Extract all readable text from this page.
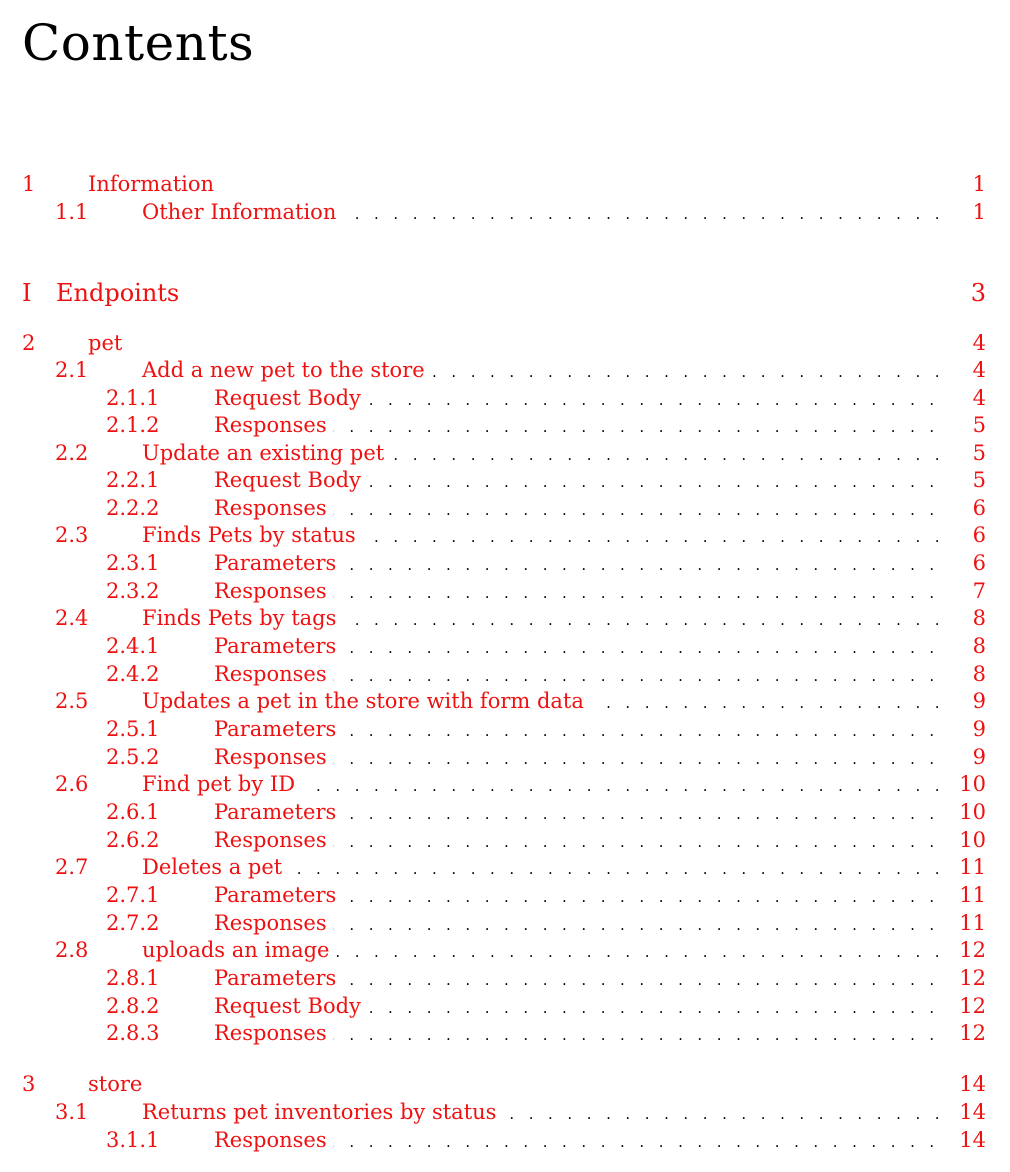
Contents
1	Information	1
1.1 . . .	Other Information	1
I Endpoints	3
2	pet	4
2.1 . . .	Add a new pet to the store	4
2.1.1 . . .	Request Body	4
2.1.2 . . .	Responses	5
2.2 . . .	Update an existing pet	5
2.2.1 . . .	Request Body	5
2.2.2 . . .	Responses	6
2.3 . . .	Finds Pets by status	6
2.3.1 . . .	Parameters	6
2.3.2 . . .	Responses	7
2.4 . . .	Finds Pets by tags	8
2.4.1 . . .	Parameters	8
2.4.2 . . .	Responses	8
2.5 . . .	Updates a pet in the store with form data	9
2.5.1 . . .	Parameters	9
2.5.2 . . .	Responses	9
2.6 . . .	Find pet by ID	10
2.6.1 . . .	Parameters	10
2.6.2 . . .	Responses	10
2.7 . . .	Deletes a pet	11
2.7.1 . . .	Parameters	11
2.7.2 . . .	Responses	11
2.8 . . .	uploads an image	12
2.8.1 . . .	Parameters	12
2.8.2 . . .	Request Body	12
2.8.3 . . .	Responses	12
3	store	14
3.1 . . .	Returns pet inventories by status	14
3.1.1 . . .	Responses	14
